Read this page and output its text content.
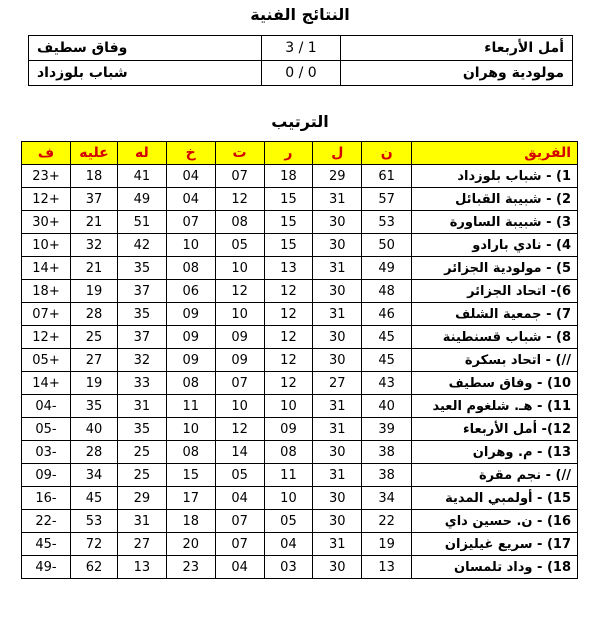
النتائج الفنية
وفاق سطيف	3 / 1	أمل الأربعاء
شباب بلوزداد	0 / 0	مولودية وهران
الترتيب
الفريق	ن	ل	ر	ت	خ	له	عليه	ف
1) - شباب بلوزداد	61	29	18	07	04	41	18	23+
2) - شبيبة القبائل	57	31	15	12	04	49	37	12+
3) - شبيبة الساورة	53	30	15	08	07	51	21	30+
4) - نادي بارادو	50	30	15	05	10	42	32	10+
5) - مولودية الجزائر	49	31	13	10	08	35	21	14+
6)- اتحاد الجزائر	48	30	12	12	06	37	19	18+
7) - جمعية الشلف	46	31	12	10	09	35	28	07+
8) - شباب قسنطينة	45	30	12	09	09	37	25	12+
//) - اتحاد بسكرة	45	30	12	09	09	32	27	05+
10) - وفاق سطيف	43	27	12	07	08	33	19	14+
11) - هـ. شلغوم العيد	40	31	10	10	11	31	35	04-
12)- أمل الأربعاء	39	31	09	12	10	35	40	05-
13) - م. وهران	38	30	08	14	08	25	28	03-
//) - نجم مقرة	38	31	11	05	15	25	34	09-
15) - أولمبي المدية	34	30	10	04	17	29	45	16-
16) - ن. حسين داي	22	30	05	07	18	31	53	22-
17) - سريع غيليزان	19	31	04	07	20	27	72	45-
18) - وداد تلمسان	13	30	03	04	23	13	62	49-
